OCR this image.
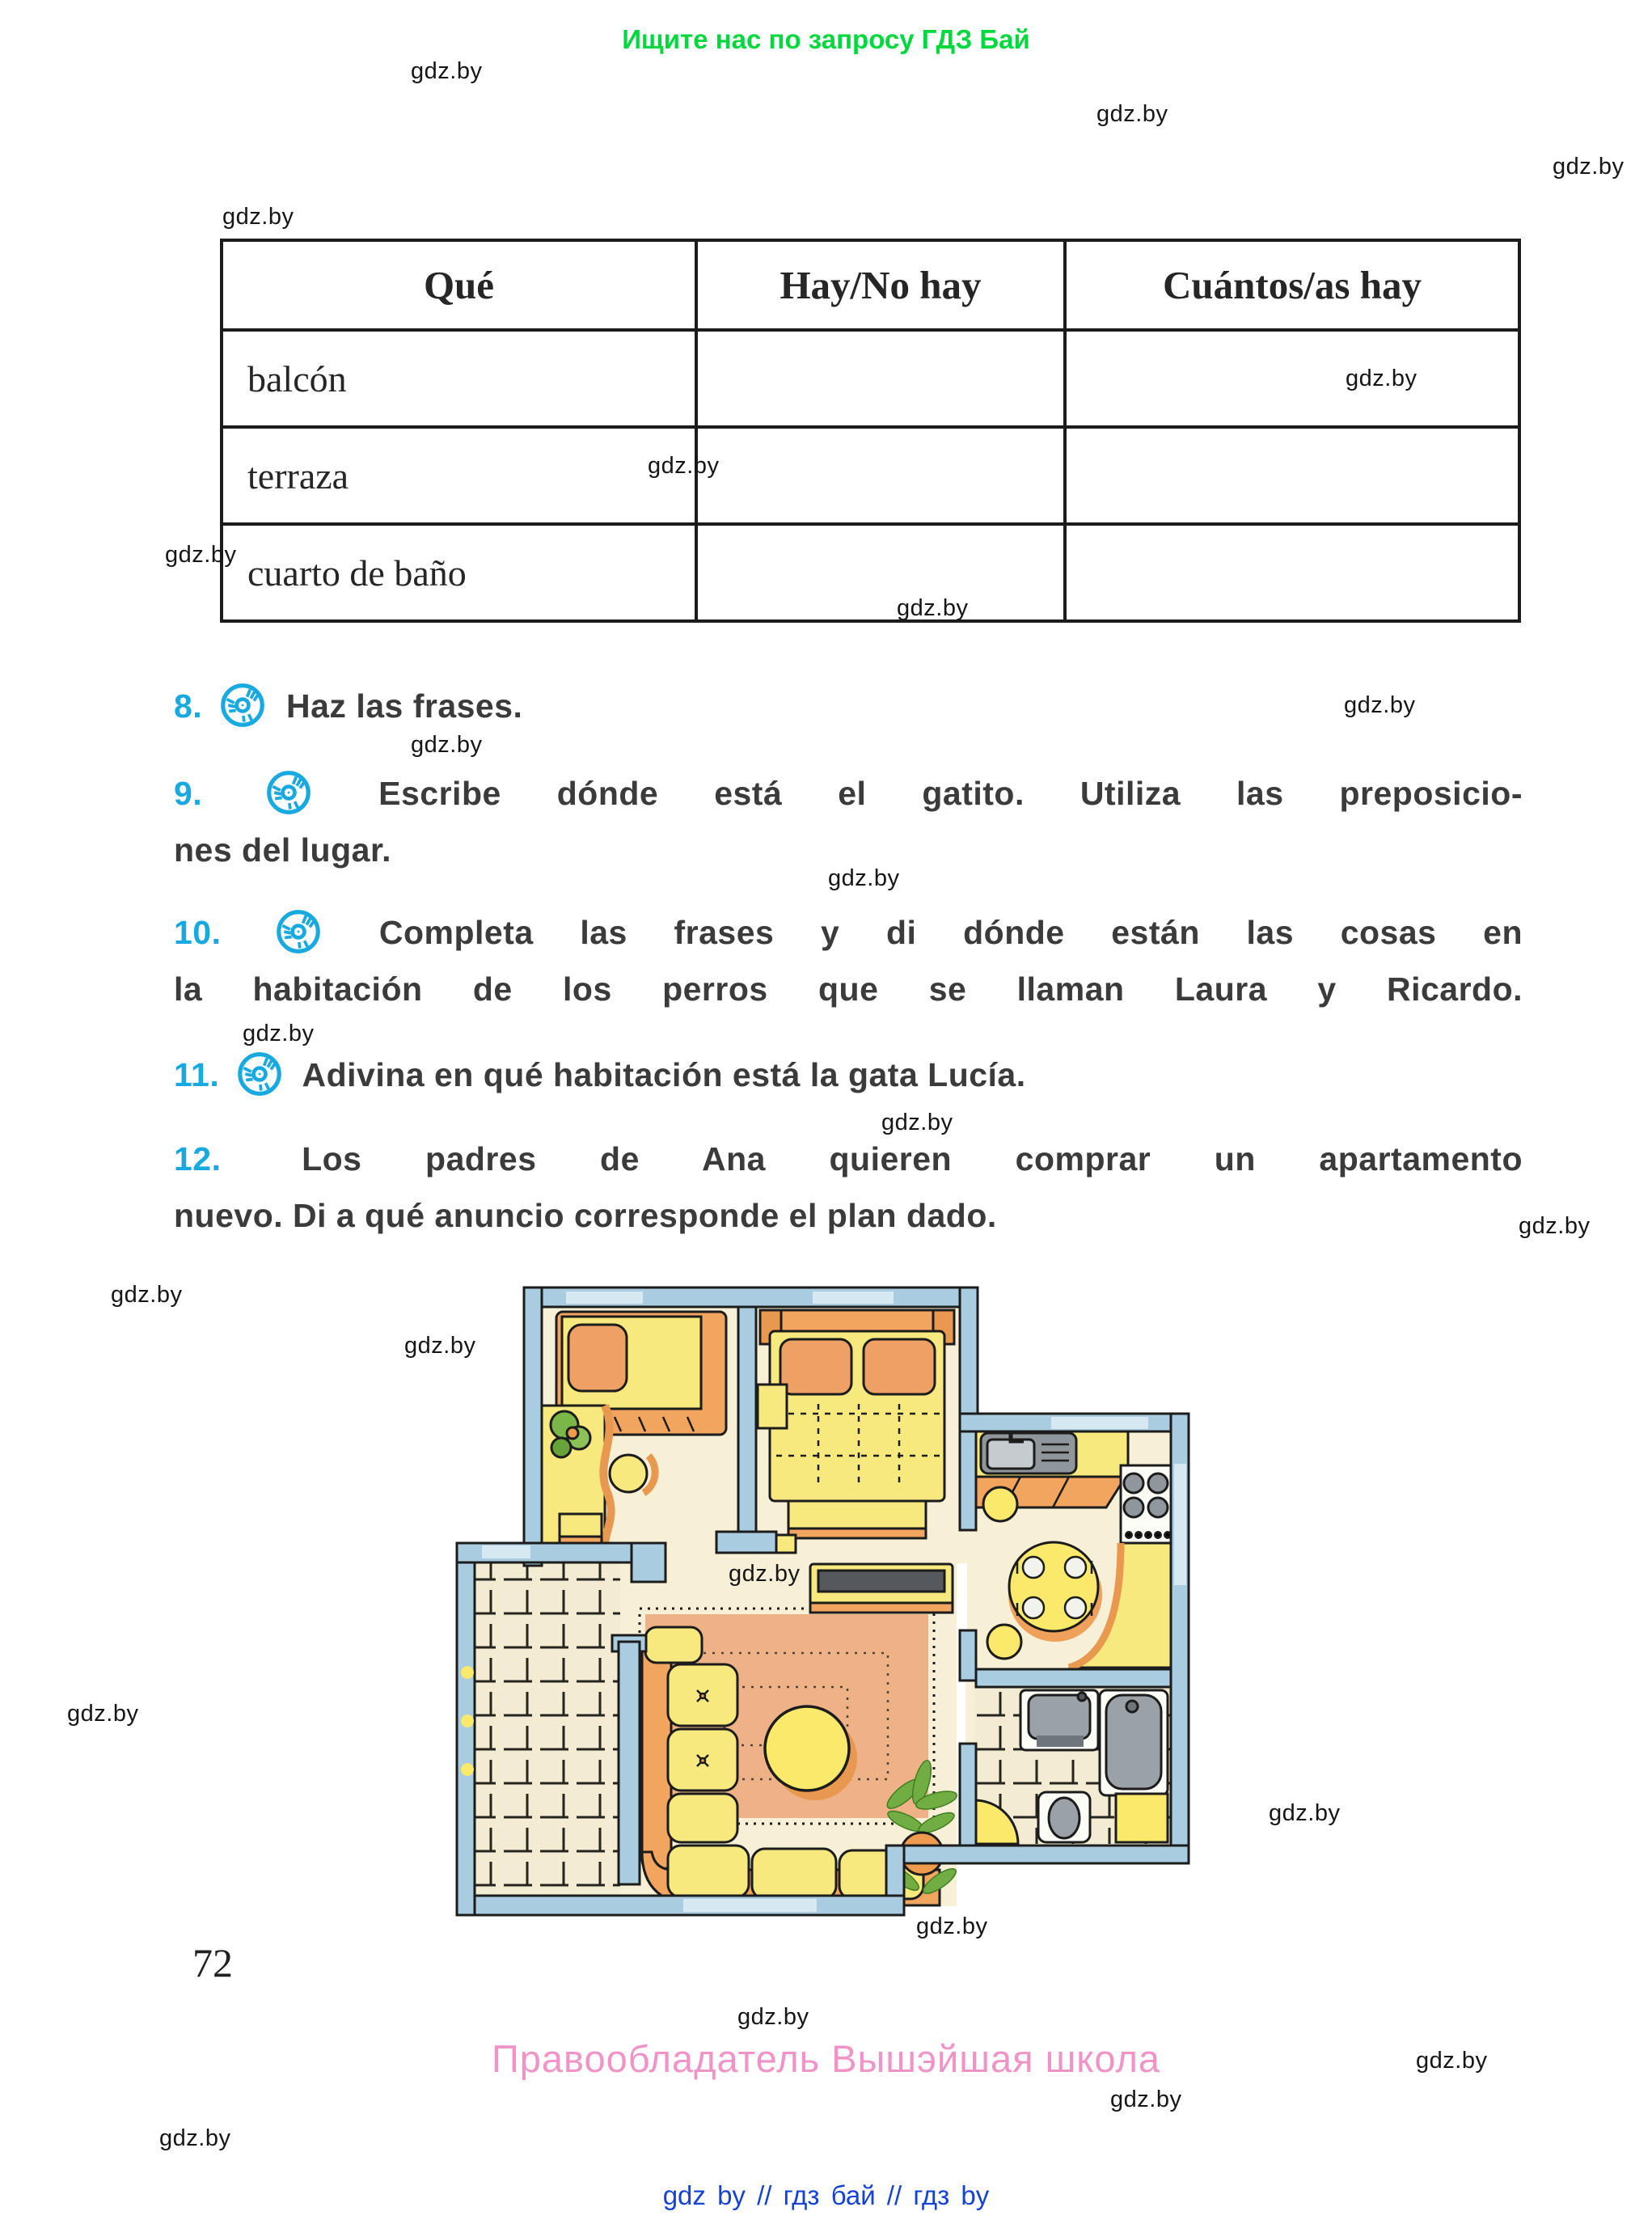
Ищите нас по запросу ГДЗ Бай
Qué	Hay/No hay	Cuántos/as hay
balcón		
terraza		
cuarto de baño		
8.	Haz las frases.
9.	Escribe dónde está el gatito. Utiliza las preposicio-
nes del lugar.
10.	Completa las frases y di dónde están las cosas en
la habitación de los perros que se llaman Laura y Ricardo.
11. Adivina en qué habitación está la gata Lucía.
12.   Los padres de Ana quieren comprar un apartamento
nuevo. Di a qué anuncio corresponde el plan dado.
72
Правообладатель Вышэйшая школа
gdz by // гдз бай // гдз by
gdz.by
gdz.by
gdz.by
gdz.by
gdz.by
gdz.by
gdz.by
gdz.by
gdz.by
gdz.by
gdz.by
gdz.by
gdz.by
gdz.by
gdz.by
gdz.by
gdz.by
gdz.by
gdz.by
gdz.by
gdz.by
gdz.by
gdz.by
gdz.by
